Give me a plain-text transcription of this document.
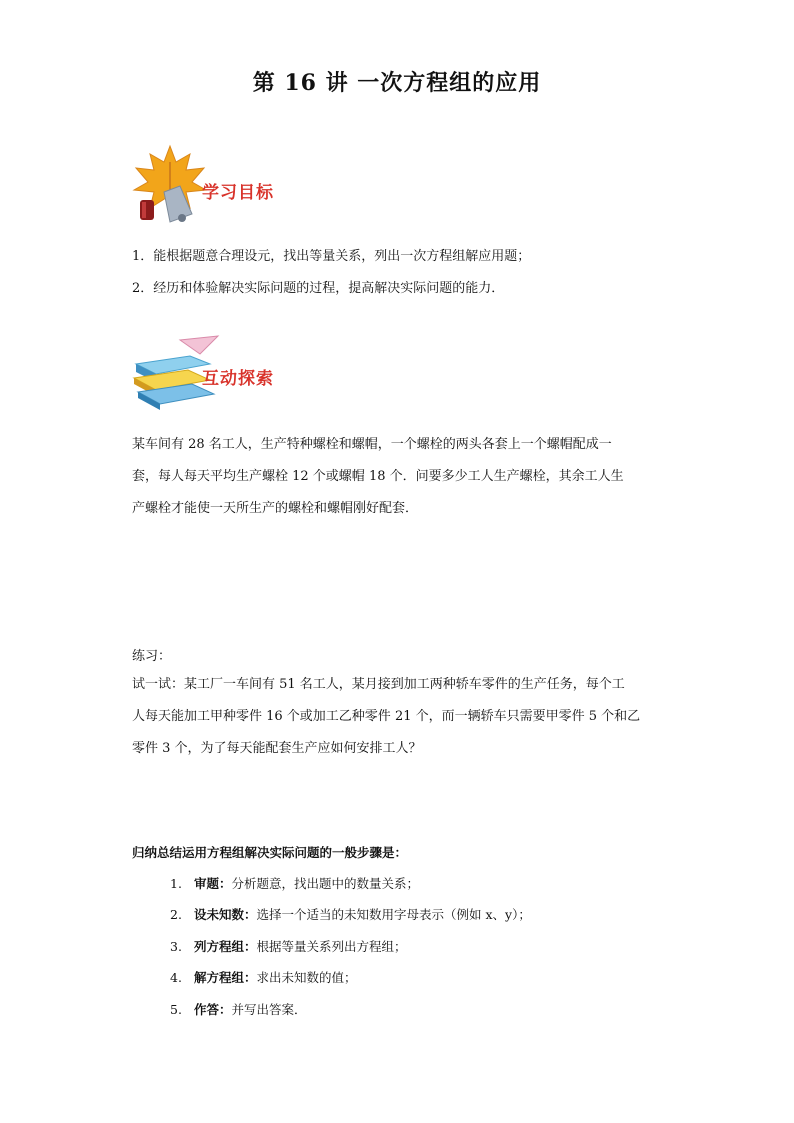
第 16 讲 一次方程组的应用
学习目标
1．能根据题意合理设元，找出等量关系，列出一次方程组解应用题；
2．经历和体验解决实际问题的过程，提高解决实际问题的能力．
互动探索
某车间有 28 名工人，生产特种螺栓和螺帽，一个螺栓的两头各套上一个螺帽配成一
套，每人每天平均生产螺栓 12 个或螺帽 18 个．问要多少工人生产螺栓，其余工人生
产螺栓才能使一天所生产的螺栓和螺帽刚好配套．
练习：
试一试：某工厂一车间有 51 名工人，某月接到加工两种轿车零件的生产任务，每个工
人每天能加工甲种零件 16 个或加工乙种零件 21 个，而一辆轿车只需要甲零件 5 个和乙
零件 3 个，为了每天能配套生产应如何安排工人？
归纳总结运用方程组解决实际问题的一般步骤是：
1. 审题：分析题意，找出题中的数量关系；
2. 设未知数：选择一个适当的未知数用字母表示（例如 x、y）；
3. 列方程组：根据等量关系列出方程组；
4. 解方程组：求出未知数的值；
5. 作答：并写出答案．
